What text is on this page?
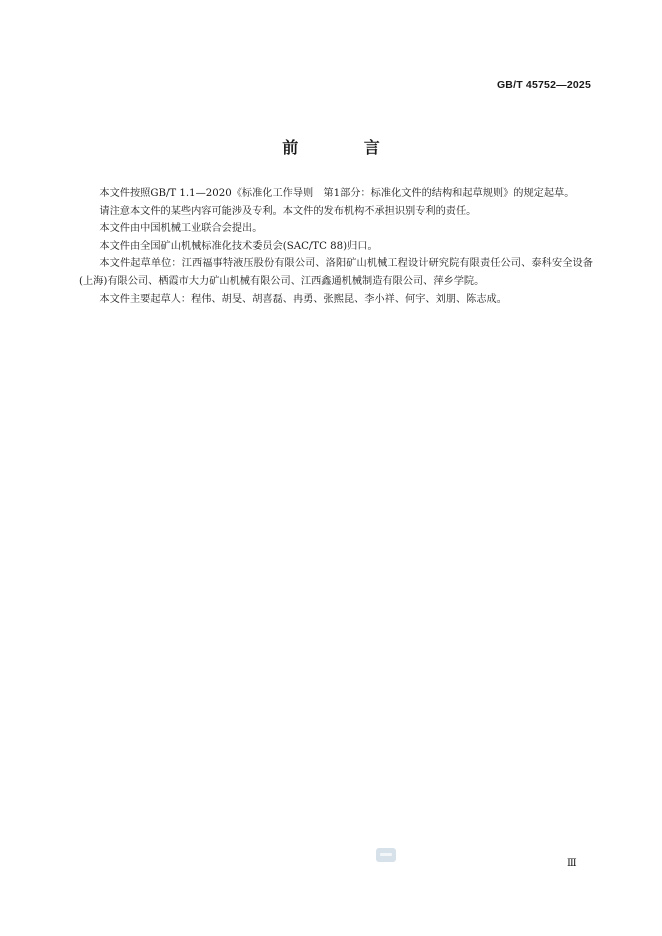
GB/T 45752—2025
前 言

本文件按照GB/T 1.1—2020《标准化工作导则　第1部分：标准化文件的结构和起草规则》的规定起草。

请注意本文件的某些内容可能涉及专利。本文件的发布机构不承担识别专利的责任。

本文件由中国机械工业联合会提出。

本文件由全国矿山机械标准化技术委员会(SAC/TC 88)归口。

本文件起草单位：江西福事特液压股份有限公司、洛阳矿山机械工程设计研究院有限责任公司、泰科安全设备(上海)有限公司、栖霞市大力矿山机械有限公司、江西鑫通机械制造有限公司、萍乡学院。

本文件主要起草人：程伟、胡旻、胡喜磊、冉勇、张熙昆、李小祥、何宇、刘朋、陈志成。

Ⅲ
